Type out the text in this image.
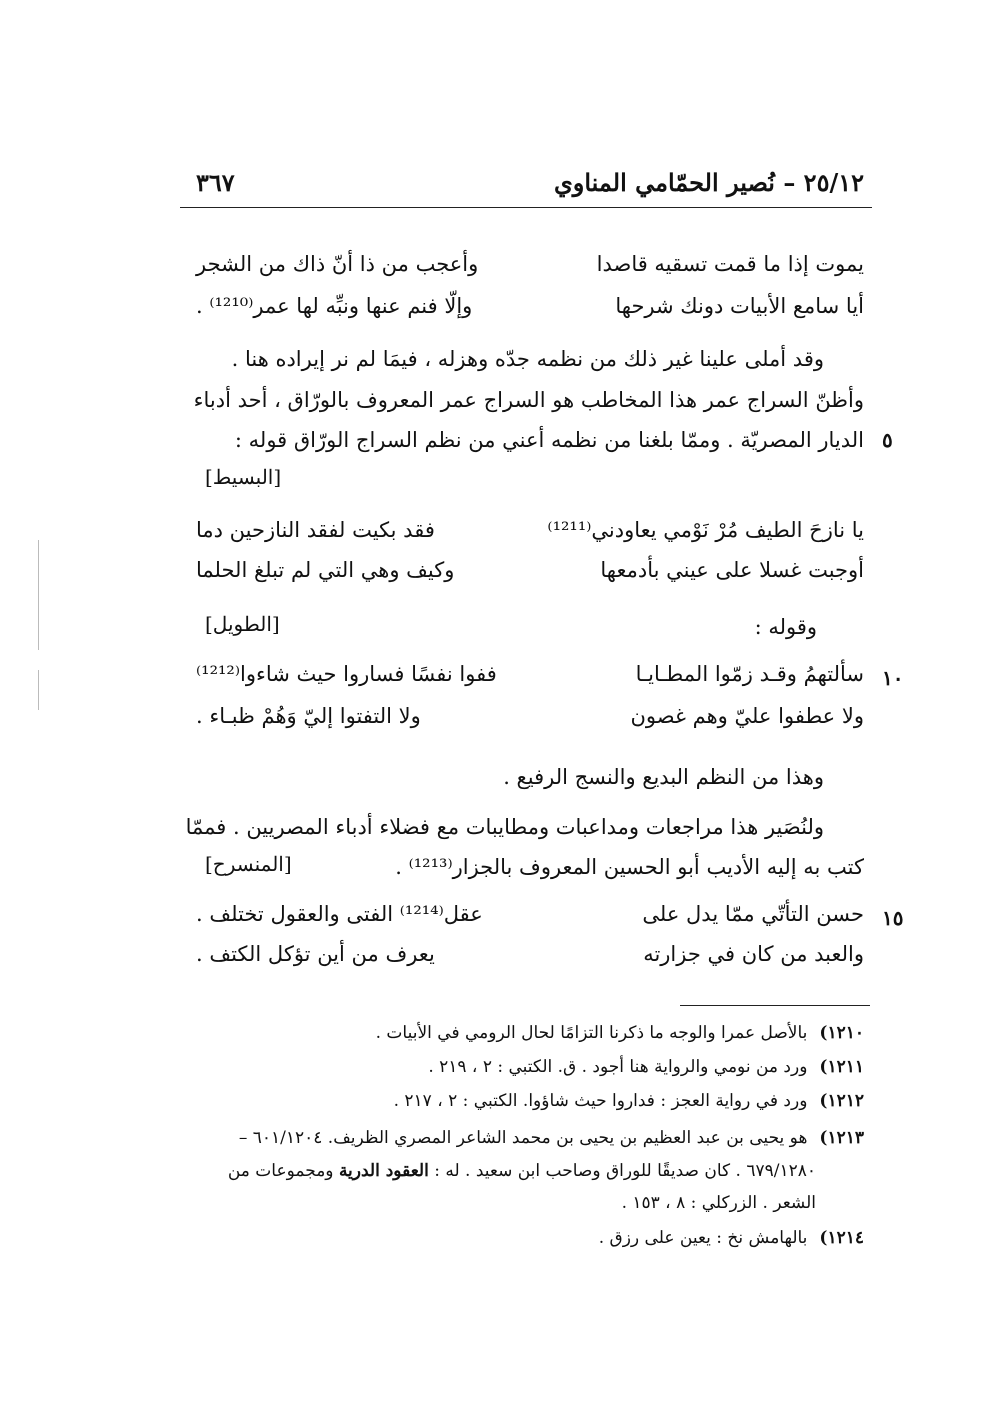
٢٥/١٢ – نُصير الحمّامي المناوي
٣٦٧
يموت إذا ما قمت تسقيه قاصدا
وأعجب من ذا أنّ ذاك من الشجر
أيا سامع الأبيات دونك شرحها
وإلّا فنم عنها ونبِّه لها عمر⁽¹²¹⁰⁾ .
وقد أملى علينا غير ذلك من نظمه جدّه وهزله ، فيمَا لم نر إيراده هنا .
وأظنّ السراج عمر هذا المخاطب هو السراج عمر المعروف بالورّاق ، أحد أدباء
الديار المصريّة . وممّا بلغنا من نظمه أعني من نظم السراج الورّاق قوله : ٥
[البسيط]
يا نازحَ الطيف مُرْ نَوْمي يعاودني⁽¹²¹¹⁾
فقد بكيت لفقد النازحين دما
أوجبت غسلا على عيني بأدمعها
وكيف وهي التي لم تبلغ الحلما
وقوله :
[الطويل]
١٠
سألتهمُ وقـد زمّوا المطـايـا
ففوا نفسًا فساروا حيث شاءوا⁽¹²¹²⁾
ولا عطفوا عليّ وهم غصون
ولا التفتوا إليّ وَهُمْ ظبـاء .
وهذا من النظم البديع والنسج الرفيع .
ولنُصَير هذا مراجعات ومداعبات ومطايبات مع فضلاء أدباء المصريين . فممّا
كتب به إليه الأديب أبو الحسين المعروف بالجزار⁽¹²¹³⁾ .
[المنسرح]
١٥
حسن التأتّي ممّا يدل على
عقل⁽¹²¹⁴⁾ الفتى والعقول تختلف .
والعبد من كان في جزارته
يعرف من أين تؤكل الكتف .
١٢١٠)بالأصل عمرا والوجه ما ذكرنا التزامًا لحال الرومي في الأبيات .
١٢١١)ورد من نومي والرواية هنا أجود . ق. الكتبي : ٢ ، ٢١٩ .
١٢١٢)ورد في رواية العجز : فداروا حيث شاؤوا. الكتبي : ٢ ، ٢١٧ .
١٢١٣)هو يحيى بن عبد العظيم بن يحيى بن محمد الشاعر المصري الظريف. ٦٠١/١٢٠٤ –
٦٧٩/١٢٨٠ . كان صديقًا للوراق وصاحب ابن سعيد . له : العقود الدرية ومجموعات من
الشعر . الزركلي : ٨ ، ١٥٣ .
١٢١٤)بالهامش نخ : يعين على رزق .
